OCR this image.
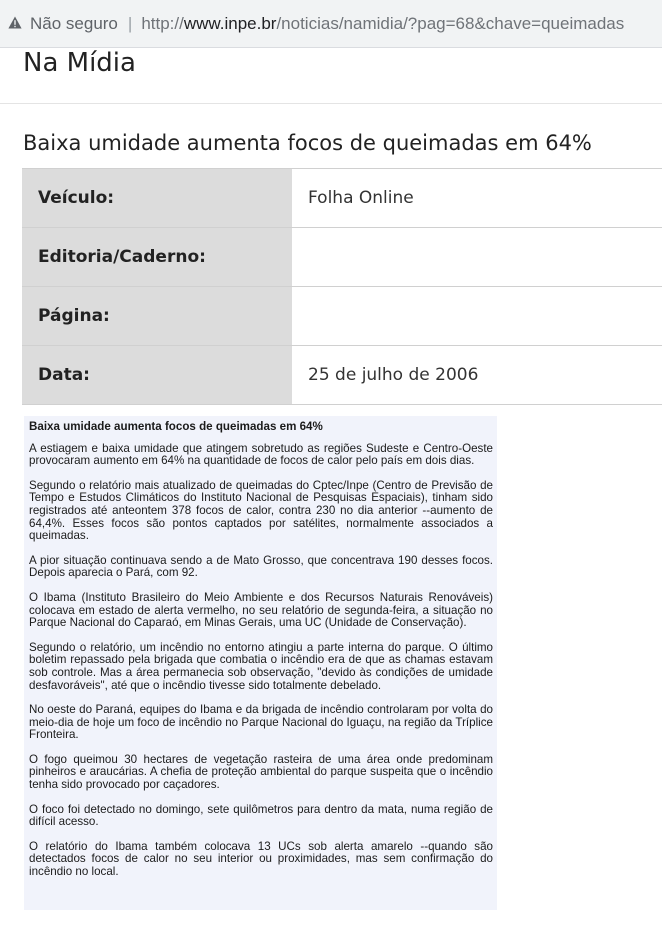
Não seguro | http:// www.inpe.br /noticias/namidia/?pag=68&chave=queimadas
Na Mídia
Baixa umidade aumenta focos de queimadas em 64%
Veículo:	Folha Online
Editoria/Caderno:	
Página:	
Data:	25 de julho de 2006
Baixa umidade aumenta focos de queimadas em 64%

A estiagem e baixa umidade que atingem sobretudo as regiões Sudeste e Centro-Oeste provocaram aumento em 64% na quantidade de focos de calor pelo país em dois dias.

Segundo o relatório mais atualizado de queimadas do Cptec/Inpe (Centro de Previsão de Tempo e Estudos Climáticos do Instituto Nacional de Pesquisas Espaciais), tinham sido registrados até anteontem 378 focos de calor, contra 230 no dia anterior --aumento de 64,4%. Esses focos são pontos captados por satélites, normalmente associados a queimadas.

A pior situação continuava sendo a de Mato Grosso, que concentrava 190 desses focos. Depois aparecia o Pará, com 92.

O Ibama (Instituto Brasileiro do Meio Ambiente e dos Recursos Naturais Renováveis) colocava em estado de alerta vermelho, no seu relatório de segunda-feira, a situação no Parque Nacional do Caparaó, em Minas Gerais, uma UC (Unidade de Conservação).

Segundo o relatório, um incêndio no entorno atingiu a parte interna do parque. O último boletim repassado pela brigada que combatia o incêndio era de que as chamas estavam sob controle. Mas a área permanecia sob observação, "devido às condições de umidade desfavoráveis", até que o incêndio tivesse sido totalmente debelado.

No oeste do Paraná, equipes do Ibama e da brigada de incêndio controlaram por volta do meio-dia de hoje um foco de incêndio no Parque Nacional do Iguaçu, na região da Tríplice Fronteira.

O fogo queimou 30 hectares de vegetação rasteira de uma área onde predominam pinheiros e araucárias. A chefia de proteção ambiental do parque suspeita que o incêndio tenha sido provocado por caçadores.

O foco foi detectado no domingo, sete quilômetros para dentro da mata, numa região de difícil acesso.

O relatório do Ibama também colocava 13 UCs sob alerta amarelo --quando são detectados focos de calor no seu interior ou proximidades, mas sem confirmação do incêndio no local.
